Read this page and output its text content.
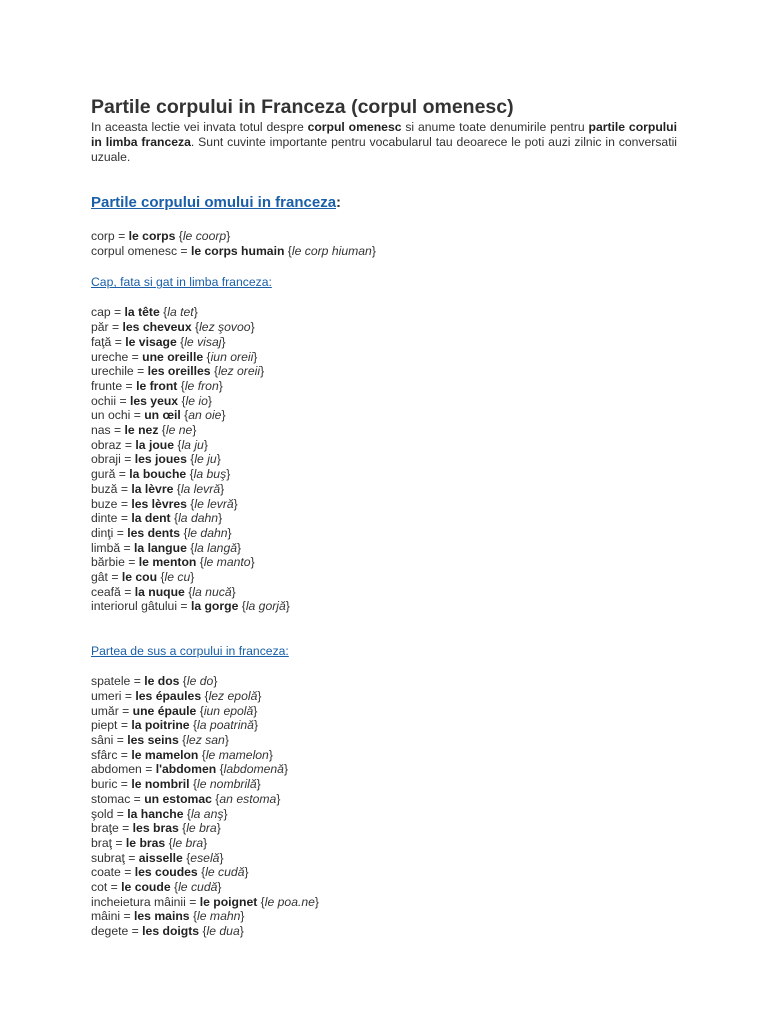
Partile corpului in Franceza (corpul omenesc)

In aceasta lectie vei invata totul despre corpul omenesc si anume toate denumirile pentru partile corpului in limba franceza. Sunt cuvinte importante pentru vocabularul tau deoarece le poti auzi zilnic in conversatii uzuale.

Partile corpului omului in franceza:
corp = le corps {le coorp}
corpul omenesc = le corps humain {le corp hiuman}
Cap, fata si gat in limba franceza:
cap = la tête {la tet}
păr = les cheveux {lez şovoo}
faţă = le visage {le visaj}
ureche = une oreille {iun oreii}
urechile = les oreilles {lez oreii}
frunte = le front {le fron}
ochii = les yeux {le io}
un ochi = un œil {an oie}
nas = le nez {le ne}
obraz = la joue {la ju}
obraji = les joues {le ju}
gură = la bouche {la buş}
buză = la lèvre {la levră}
buze = les lèvres {le levră}
dinte = la dent {la dahn}
dinţi = les dents {le dahn}
limbă = la langue {la langă}
bărbie = le menton {le manto}
gât = le cou {le cu}
ceafă = la nuque {la nucă}
interiorul gâtului = la gorge {la gorjă}
Partea de sus a corpului in franceza:
spatele = le dos {le do}
umeri = les épaules {lez epolă}
umăr = une épaule {iun epolă}
piept = la poitrine {la poatrină}
sâni = les seins {lez san}
sfârc = le mamelon {le mamelon}
abdomen = l'abdomen {labdomenă}
buric = le nombril {le nombrilă}
stomac = un estomac {an estoma}
şold = la hanche {la anş}
braţe = les bras {le bra}
braţ = le bras {le bra}
subraţ = aisselle {eselă}
coate = les coudes {le cudă}
cot = le coude {le cudă}
incheietura mâinii = le poignet {le poa.ne}
mâini = les mains {le mahn}
degete = les doigts {le dua}
